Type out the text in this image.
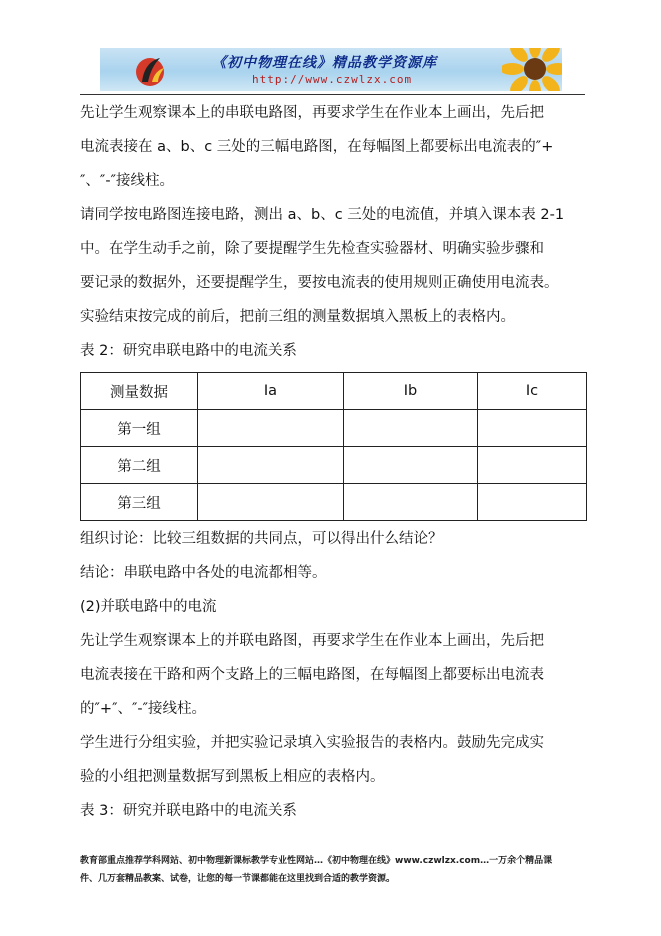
《初中物理在线》精品教学资源库
http://www.czwlzx.com

先让学生观察课本上的串联电路图，再要求学生在作业本上画出，先后把

电流表接在 a、b、c 三处的三幅电路图，在每幅图上都要标出电流表的″+

″、″-″接线柱。

请同学按电路图连接电路，测出 a、b、c 三处的电流值，并填入课本表 2-1

中。在学生动手之前，除了要提醒学生先检查实验器材、明确实验步骤和

要记录的数据外，还要提醒学生，要按电流表的使用规则正确使用电流表。

实验结束按完成的前后，把前三组的测量数据填入黑板上的表格内。

表 2：研究串联电路中的电流关系

测量数据	Ia	Ib	Ic
第一组			
第二组			
第三组			

组织讨论：比较三组数据的共同点，可以得出什么结论？

结论：串联电路中各处的电流都相等。

(2)并联电路中的电流

先让学生观察课本上的并联电路图，再要求学生在作业本上画出，先后把

电流表接在干路和两个支路上的三幅电路图，在每幅图上都要标出电流表

的″+″、″-″接线柱。

学生进行分组实验，并把实验记录填入实验报告的表格内。鼓励先完成实

验的小组把测量数据写到黑板上相应的表格内。

表 3：研究并联电路中的电流关系

教育部重点推荐学科网站、初中物理新课标教学专业性网站…《初中物理在线》www.czwlzx.com…一万余个精品课
件、几万套精品教案、试卷，让您的每一节课都能在这里找到合适的教学资源。
